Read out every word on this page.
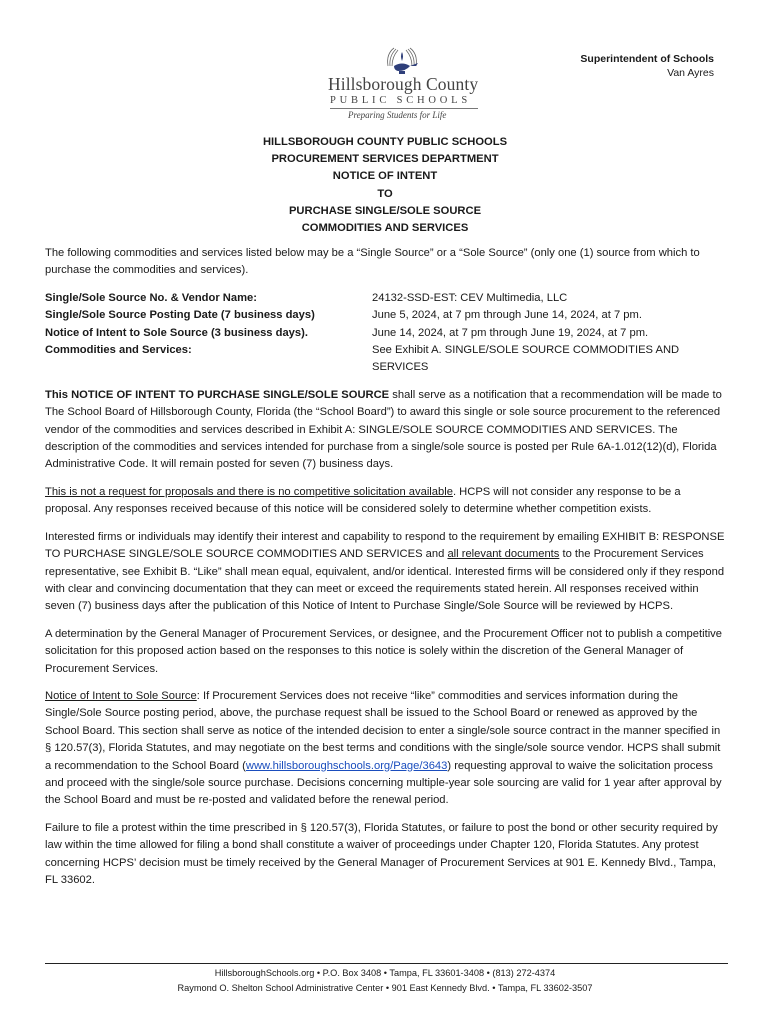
Superintendent of Schools
Van Ayres
Hillsborough County
PUBLIC SCHOOLS
Preparing Students for Life
HILLSBOROUGH COUNTY PUBLIC SCHOOLS
PROCUREMENT SERVICES DEPARTMENT
NOTICE OF INTENT
TO
PURCHASE SINGLE/SOLE SOURCE
COMMODITIES AND SERVICES

The following commodities and services listed below may be a “Single Source” or a “Sole Source” (only one (1) source from which to purchase the commodities and services).

Single/Sole Source No. & Vendor Name:
Single/Sole Source Posting Date (7 business days)
Notice of Intent to Sole Source (3 business days).
Commodities and Services:
24132-SSD-EST: CEV Multimedia, LLC
June 5, 2024, at 7 pm through June 14, 2024, at 7 pm.
June 14, 2024, at 7 pm through June 19, 2024, at 7 pm.
See Exhibit A. SINGLE/SOLE SOURCE COMMODITIES AND SERVICES

This NOTICE OF INTENT TO PURCHASE SINGLE/SOLE SOURCE shall serve as a notification that a recommendation will be made to The School Board of Hillsborough County, Florida (the “School Board”) to award this single or sole source procurement to the referenced vendor of the commodities and services described in Exhibit A: SINGLE/SOLE SOURCE COMMODITIES AND SERVICES. The description of the commodities and services intended for purchase from a single/sole source is posted per Rule 6A-1.012(12)(d), Florida Administrative Code. It will remain posted for seven (7) business days.

This is not a request for proposals and there is no competitive solicitation available. HCPS will not consider any response to be a proposal. Any responses received because of this notice will be considered solely to determine whether competition exists.

Interested firms or individuals may identify their interest and capability to respond to the requirement by emailing EXHIBIT B: RESPONSE TO PURCHASE SINGLE/SOLE SOURCE COMMODITIES AND SERVICES and all relevant documents to the Procurement Services representative, see Exhibit B. “Like” shall mean equal, equivalent, and/or identical. Interested firms will be considered only if they respond with clear and convincing documentation that they can meet or exceed the requirements stated herein. All responses received within seven (7) business days after the publication of this Notice of Intent to Purchase Single/Sole Source will be reviewed by HCPS.

A determination by the General Manager of Procurement Services, or designee, and the Procurement Officer not to publish a competitive solicitation for this proposed action based on the responses to this notice is solely within the discretion of the General Manager of Procurement Services.

Notice of Intent to Sole Source: If Procurement Services does not receive “like” commodities and services information during the Single/Sole Source posting period, above, the purchase request shall be issued to the School Board or renewed as approved by the School Board. This section shall serve as notice of the intended decision to enter a single/sole source contract in the manner specified in § 120.57(3), Florida Statutes, and may negotiate on the best terms and conditions with the single/sole source vendor. HCPS shall submit a recommendation to the School Board (www.hillsboroughschools.org/Page/3643) requesting approval to waive the solicitation process and proceed with the single/sole source purchase. Decisions concerning multiple-year sole sourcing are valid for 1 year after approval by the School Board and must be re-posted and validated before the renewal period.

Failure to file a protest within the time prescribed in § 120.57(3), Florida Statutes, or failure to post the bond or other security required by law within the time allowed for filing a bond shall constitute a waiver of proceedings under Chapter 120, Florida Statutes. Any protest concerning HCPS’ decision must be timely received by the General Manager of Procurement Services at 901 E. Kennedy Blvd., Tampa, FL 33602.

HillsboroughSchools.org • P.O. Box 3408 • Tampa, FL 33601-3408 • (813) 272-4374
Raymond O. Shelton School Administrative Center • 901 East Kennedy Blvd. • Tampa, FL 33602-3507
